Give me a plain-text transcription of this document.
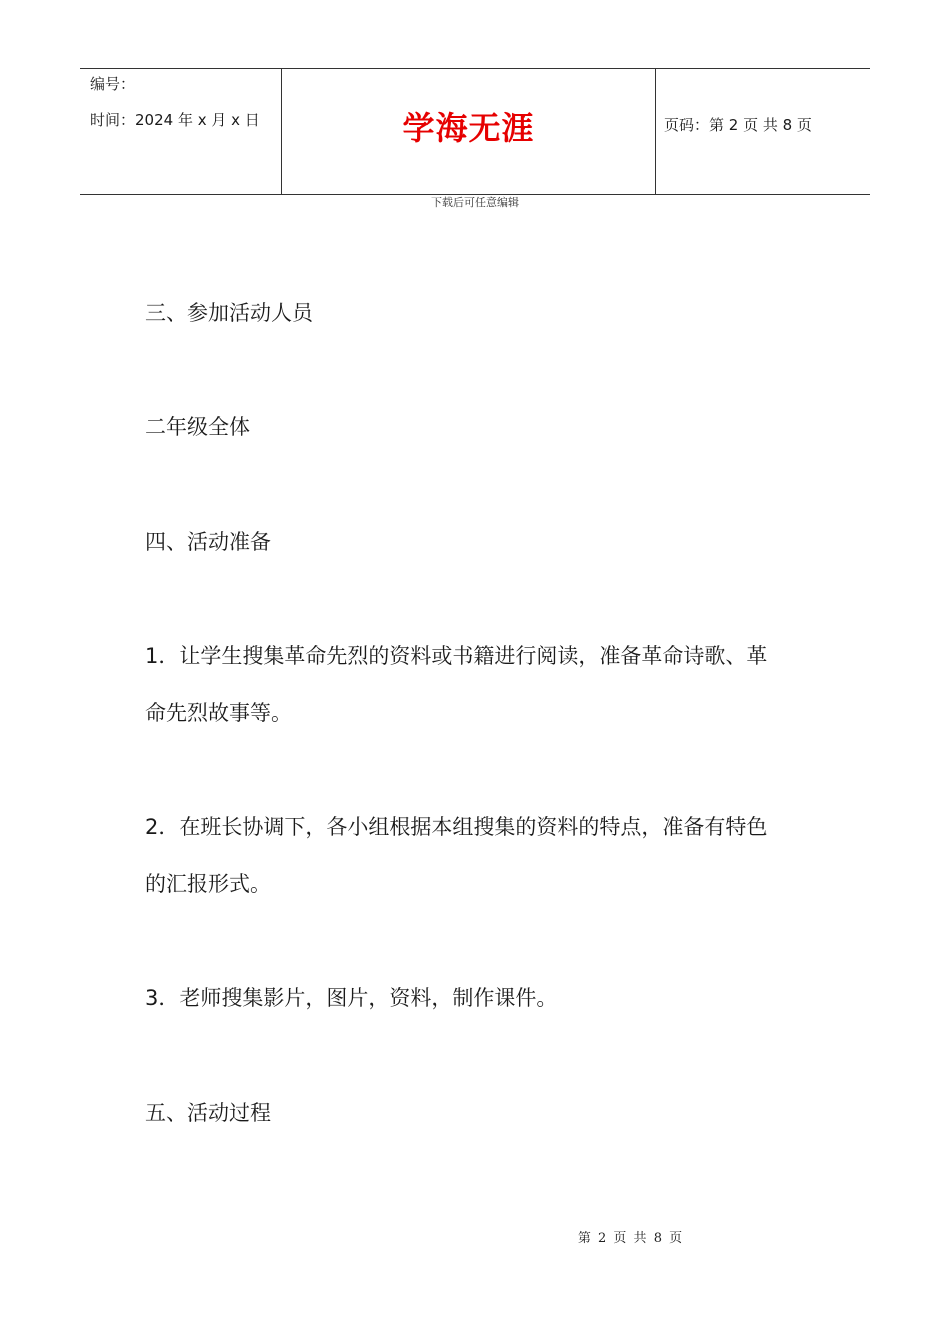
编号：
时间：2024 年 x 月 x 日	学海无涯	页码：第 2 页 共 8 页
下载后可任意编辑
三、参加活动人员
二年级全体
四、活动准备
1．让学生搜集革命先烈的资料或书籍进行阅读，准备革命诗歌、革
命先烈故事等。
2．在班长协调下，各小组根据本组搜集的资料的特点，准备有特色
的汇报形式。
3．老师搜集影片，图片，资料，制作课件。
五、活动过程
第 2 页 共 8 页
